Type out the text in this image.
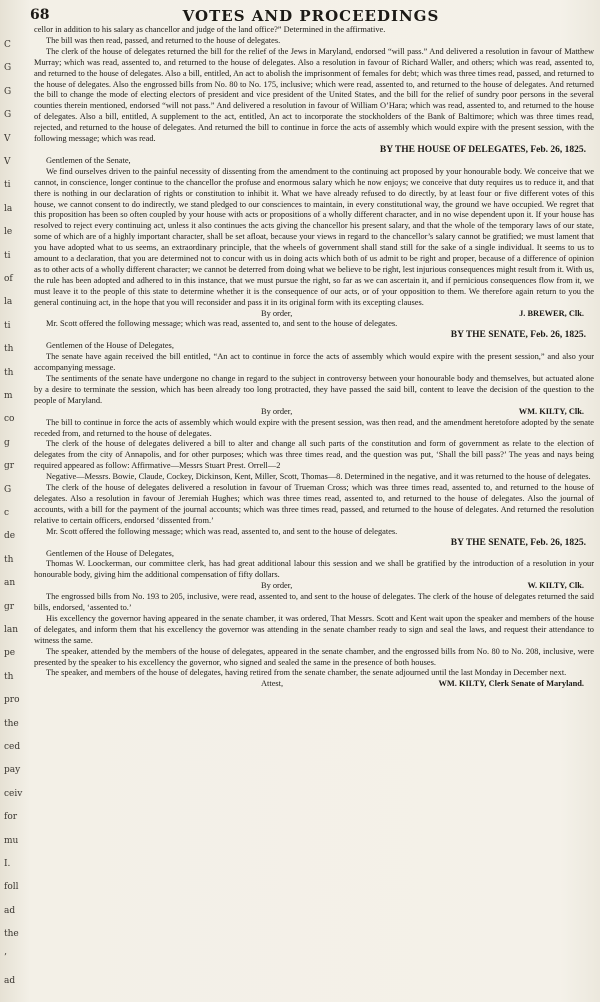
C
G
G
G
V
V
ti
la
le
ti
of
la
ti
th
th
m
co
g
gr
G
c
de
th
an
gr
lan
pe
th
pro
the
ced
pay
ceiv
for
mu
I.
foll
ad
the
’
ad
68	VOTES AND PROCEEDINGS

cellor in addition to his salary as chancellor and judge of the land office?” Determined in the affirmative.

The bill was then read, passed, and returned to the house of delegates.

The clerk of the house of delegates returned the bill for the relief of the Jews in Maryland, endorsed “will pass.” And delivered a resolution in favour of Matthew Murray; which was read, assented to, and returned to the house of delegates. Also a resolution in favour of Richard Waller, and others; which was read, assented to, and returned to the house of delegates. Also a bill, entitled, An act to abolish the imprisonment of females for debt; which was three times read, passed, and returned to the house of delegates. Also the engrossed bills from No. 80 to No. 175, inclusive; which were read, assented to, and returned to the house of delegates. And returned the bill to change the mode of electing electors of president and vice president of the United States, and the bill for the relief of sundry poor persons in the several counties therein mentioned, endorsed “will not pass.” And delivered a resolution in favour of William O’Hara; which was read, assented to, and returned to the house of delegates. Also a bill, entitled, A supplement to the act, entitled, An act to incorporate the stockholders of the Bank of Baltimore; which was three times read, rejected, and returned to the house of delegates. And returned the bill to continue in force the acts of assembly which would expire with the present session, with the following message; which was read.

BY THE HOUSE OF DELEGATES, Feb. 26, 1825.

Gentlemen of the Senate,

We find ourselves driven to the painful necessity of dissenting from the amendment to the continuing act proposed by your honourable body. We conceive that we cannot, in conscience, longer continue to the chancellor the profuse and enormous salary which he now enjoys; we conceive that duty requires us to reduce it, and that there is nothing in our declaration of rights or constitution to inhibit it. What we have already refused to do directly, by at least four or five different votes of this house, we cannot consent to do indirectly, we stand pledged to our consciences to maintain, in every constitutional way, the ground we have occupied. We regret that this proposition has been so often coupled by your house with acts or propositions of a wholly different character, and in no wise dependent upon it. If your house has resolved to reject every continuing act, unless it also continues the acts giving the chancellor his present salary, and that the whole of the temporary laws of our state, some of which are of a highly important character, shall be set afloat, because your views in regard to the chancellor’s salary cannot be gratified; we must lament that you have adopted what to us seems, an extraordinary principle, that the wheels of government shall stand still for the sake of a single individual. It seems to us to amount to a declaration, that you are determined not to concur with us in doing acts which both of us admit to be right and proper, because of a difference of opinion as to other acts of a wholly different character; we cannot be deterred from doing what we believe to be right, lest injurious consequences might result from it. With us, the rule has been adopted and adhered to in this instance, that we must pursue the right, so far as we can ascertain it, and if pernicious consequences flow from it, we must leave it to the people of this state to determine whether it is the consequence of our acts, or of your opposition to them. We therefore again return to you the general continuing act, in the hope that you will reconsider and pass it in its original form with its excepting clauses.

By order,	J. BREWER, Clk.

Mr. Scott offered the following message; which was read, assented to, and sent to the house of delegates.

BY THE SENATE, Feb. 26, 1825.

Gentlemen of the House of Delegates,

The senate have again received the bill entitled, “An act to continue in force the acts of assembly which would expire with the present session,” and also your accompanying message.

The sentiments of the senate have undergone no change in regard to the subject in controversy between your honourable body and themselves, but actuated alone by a desire to terminate the session, which has been already too long protracted, they have passed the said bill, content to leave the decision of the question to the people of Maryland.

By order,	WM. KILTY, Clk.

The bill to continue in force the acts of assembly which would expire with the present session, was then read, and the amendment heretofore adopted by the senate receded from, and returned to the house of delegates.

The clerk of the house of delegates delivered a bill to alter and change all such parts of the constitution and form of government as relate to the election of delegates from the city of Annapolis, and for other purposes; which was three times read, and the question was put, ‘Shall the bill pass?’ The yeas and nays being required appeared as follow: Affirmative—Messrs Stuart Prest. Orrell—2

Negative—Messrs. Bowie, Claude, Cockey, Dickinson, Kent, Miller, Scott, Thomas—8. Determined in the negative, and it was returned to the house of delegates.

The clerk of the house of delegates delivered a resolution in favour of Trueman Cross; which was three times read, assented to, and returned to the house of delegates. Also a resolution in favour of Jeremiah Hughes; which was three times read, assented to, and returned to the house of delegates. Also the journal of accounts, with a bill for the payment of the journal accounts; which was three times read, passed, and returned to the house of delegates. And returned the resolution relative to certain officers, endorsed ‘dissented from.’

Mr. Scott offered the following message; which was read, assented to, and sent to the house of delegates.

BY THE SENATE, Feb. 26, 1825.

Gentlemen of the House of Delegates,

Thomas W. Loockerman, our committee clerk, has had great additional labour this session and we shall be gratified by the introduction of a resolution in your honourable body, giving him the additional compensation of fifty dollars.

By order,	W. KILTY, Clk.

The engrossed bills from No. 193 to 205, inclusive, were read, assented to, and sent to the house of delegates. The clerk of the house of delegates returned the said bills, endorsed, ‘assented to.’

His excellency the governor having appeared in the senate chamber, it was ordered, That Messrs. Scott and Kent wait upon the speaker and members of the house of delegates, and inform them that his excellency the governor was attending in the senate chamber ready to sign and seal the laws, and request their attendance to witness the same.

The speaker, attended by the members of the house of delegates, appeared in the senate chamber, and the engrossed bills from No. 80 to No. 208, inclusive, were presented by the speaker to his excellency the governor, who signed and sealed the same in the presence of both houses.

The speaker, and members of the house of delegates, having retired from the senate chamber, the senate adjourned until the last Monday in December next.

Attest,	WM. KILTY, Clerk Senate of Maryland.
